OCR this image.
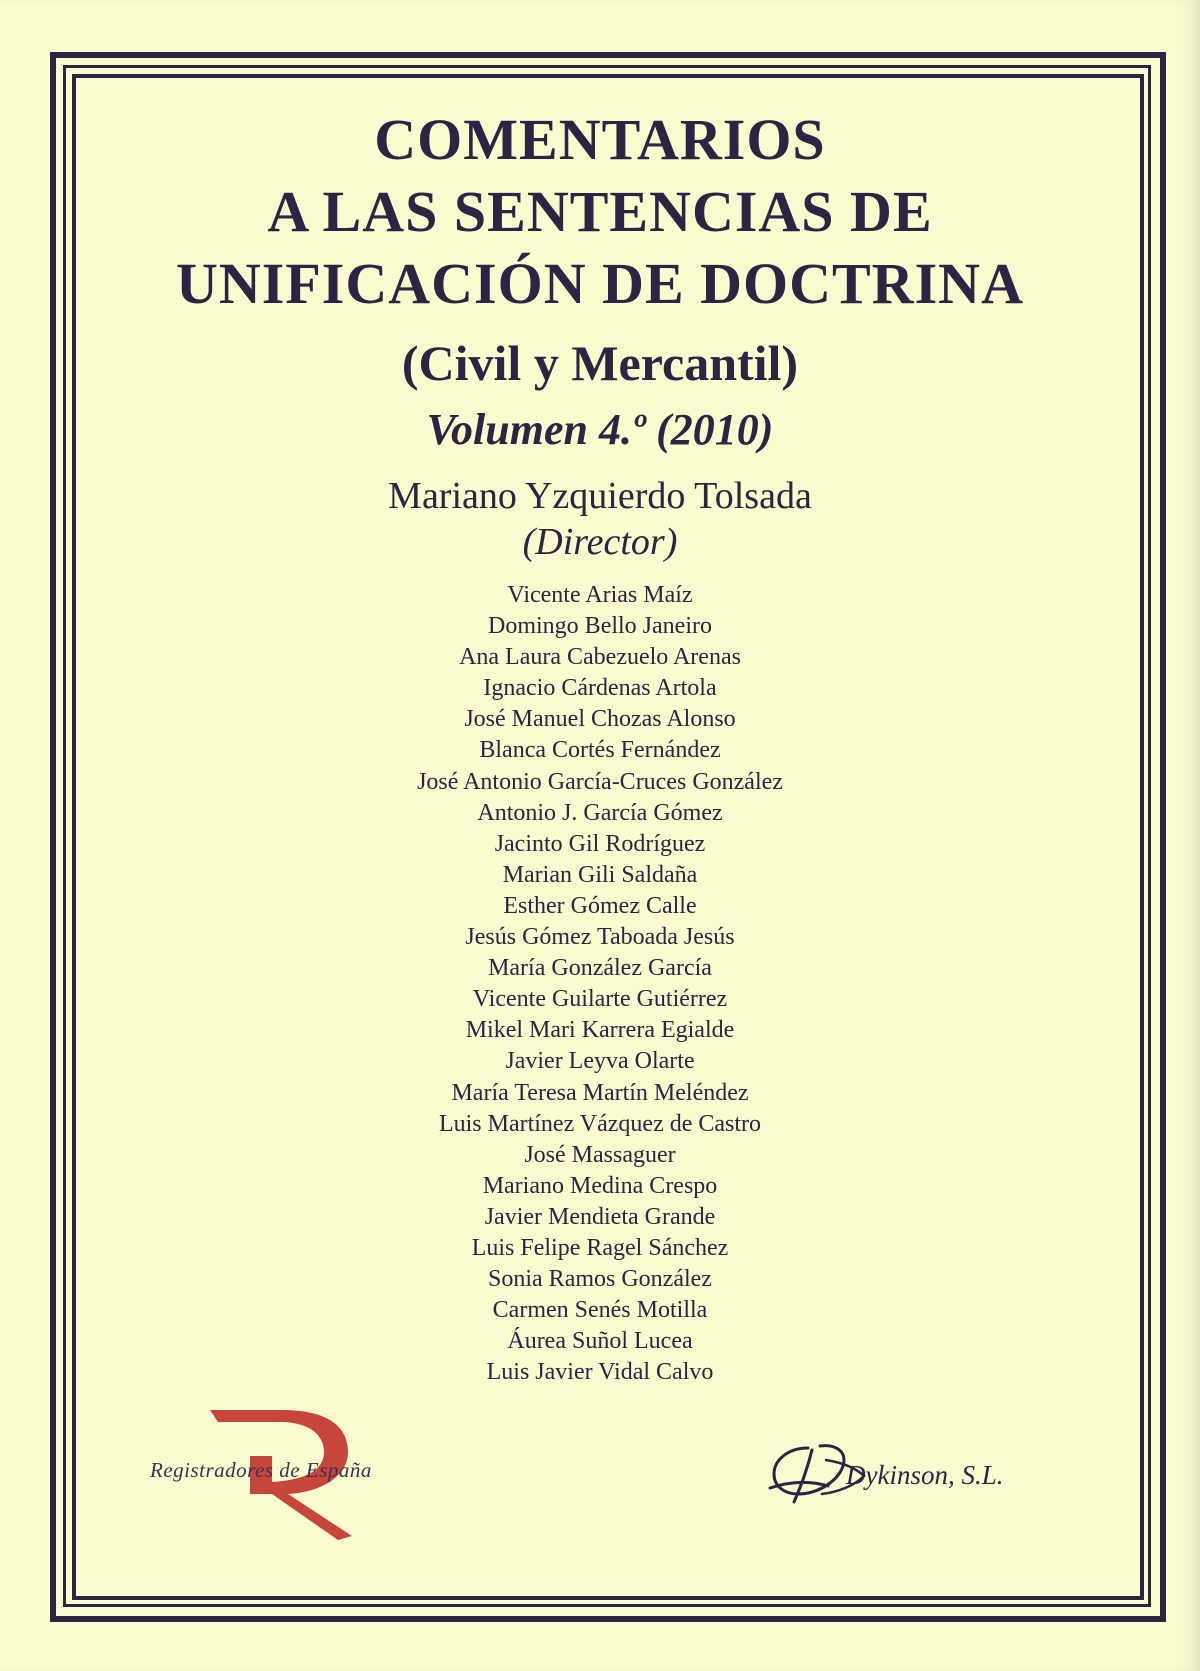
COMENTARIOS
A LAS SENTENCIAS DE
UNIFICACIÓN DE DOCTRINA
(Civil y Mercantil)
Volumen 4.º (2010)
Mariano Yzquierdo Tolsada
(Director)
Vicente Arias Maíz
Domingo Bello Janeiro
Ana Laura Cabezuelo Arenas
Ignacio Cárdenas Artola
José Manuel Chozas Alonso
Blanca Cortés Fernández
José Antonio García-Cruces González
Antonio J. García Gómez
Jacinto Gil Rodríguez
Marian Gili Saldaña
Esther Gómez Calle
Jesús Gómez Taboada Jesús
María González García
Vicente Guilarte Gutiérrez
Mikel Mari Karrera Egialde
Javier Leyva Olarte
María Teresa Martín Meléndez
Luis Martínez Vázquez de Castro
José Massaguer
Mariano Medina Crespo
Javier Mendieta Grande
Luis Felipe Ragel Sánchez
Sonia Ramos González
Carmen Senés Motilla
Áurea Suñol Lucea
Luis Javier Vidal Calvo
Registradores de España	Dykinson, S.L.
